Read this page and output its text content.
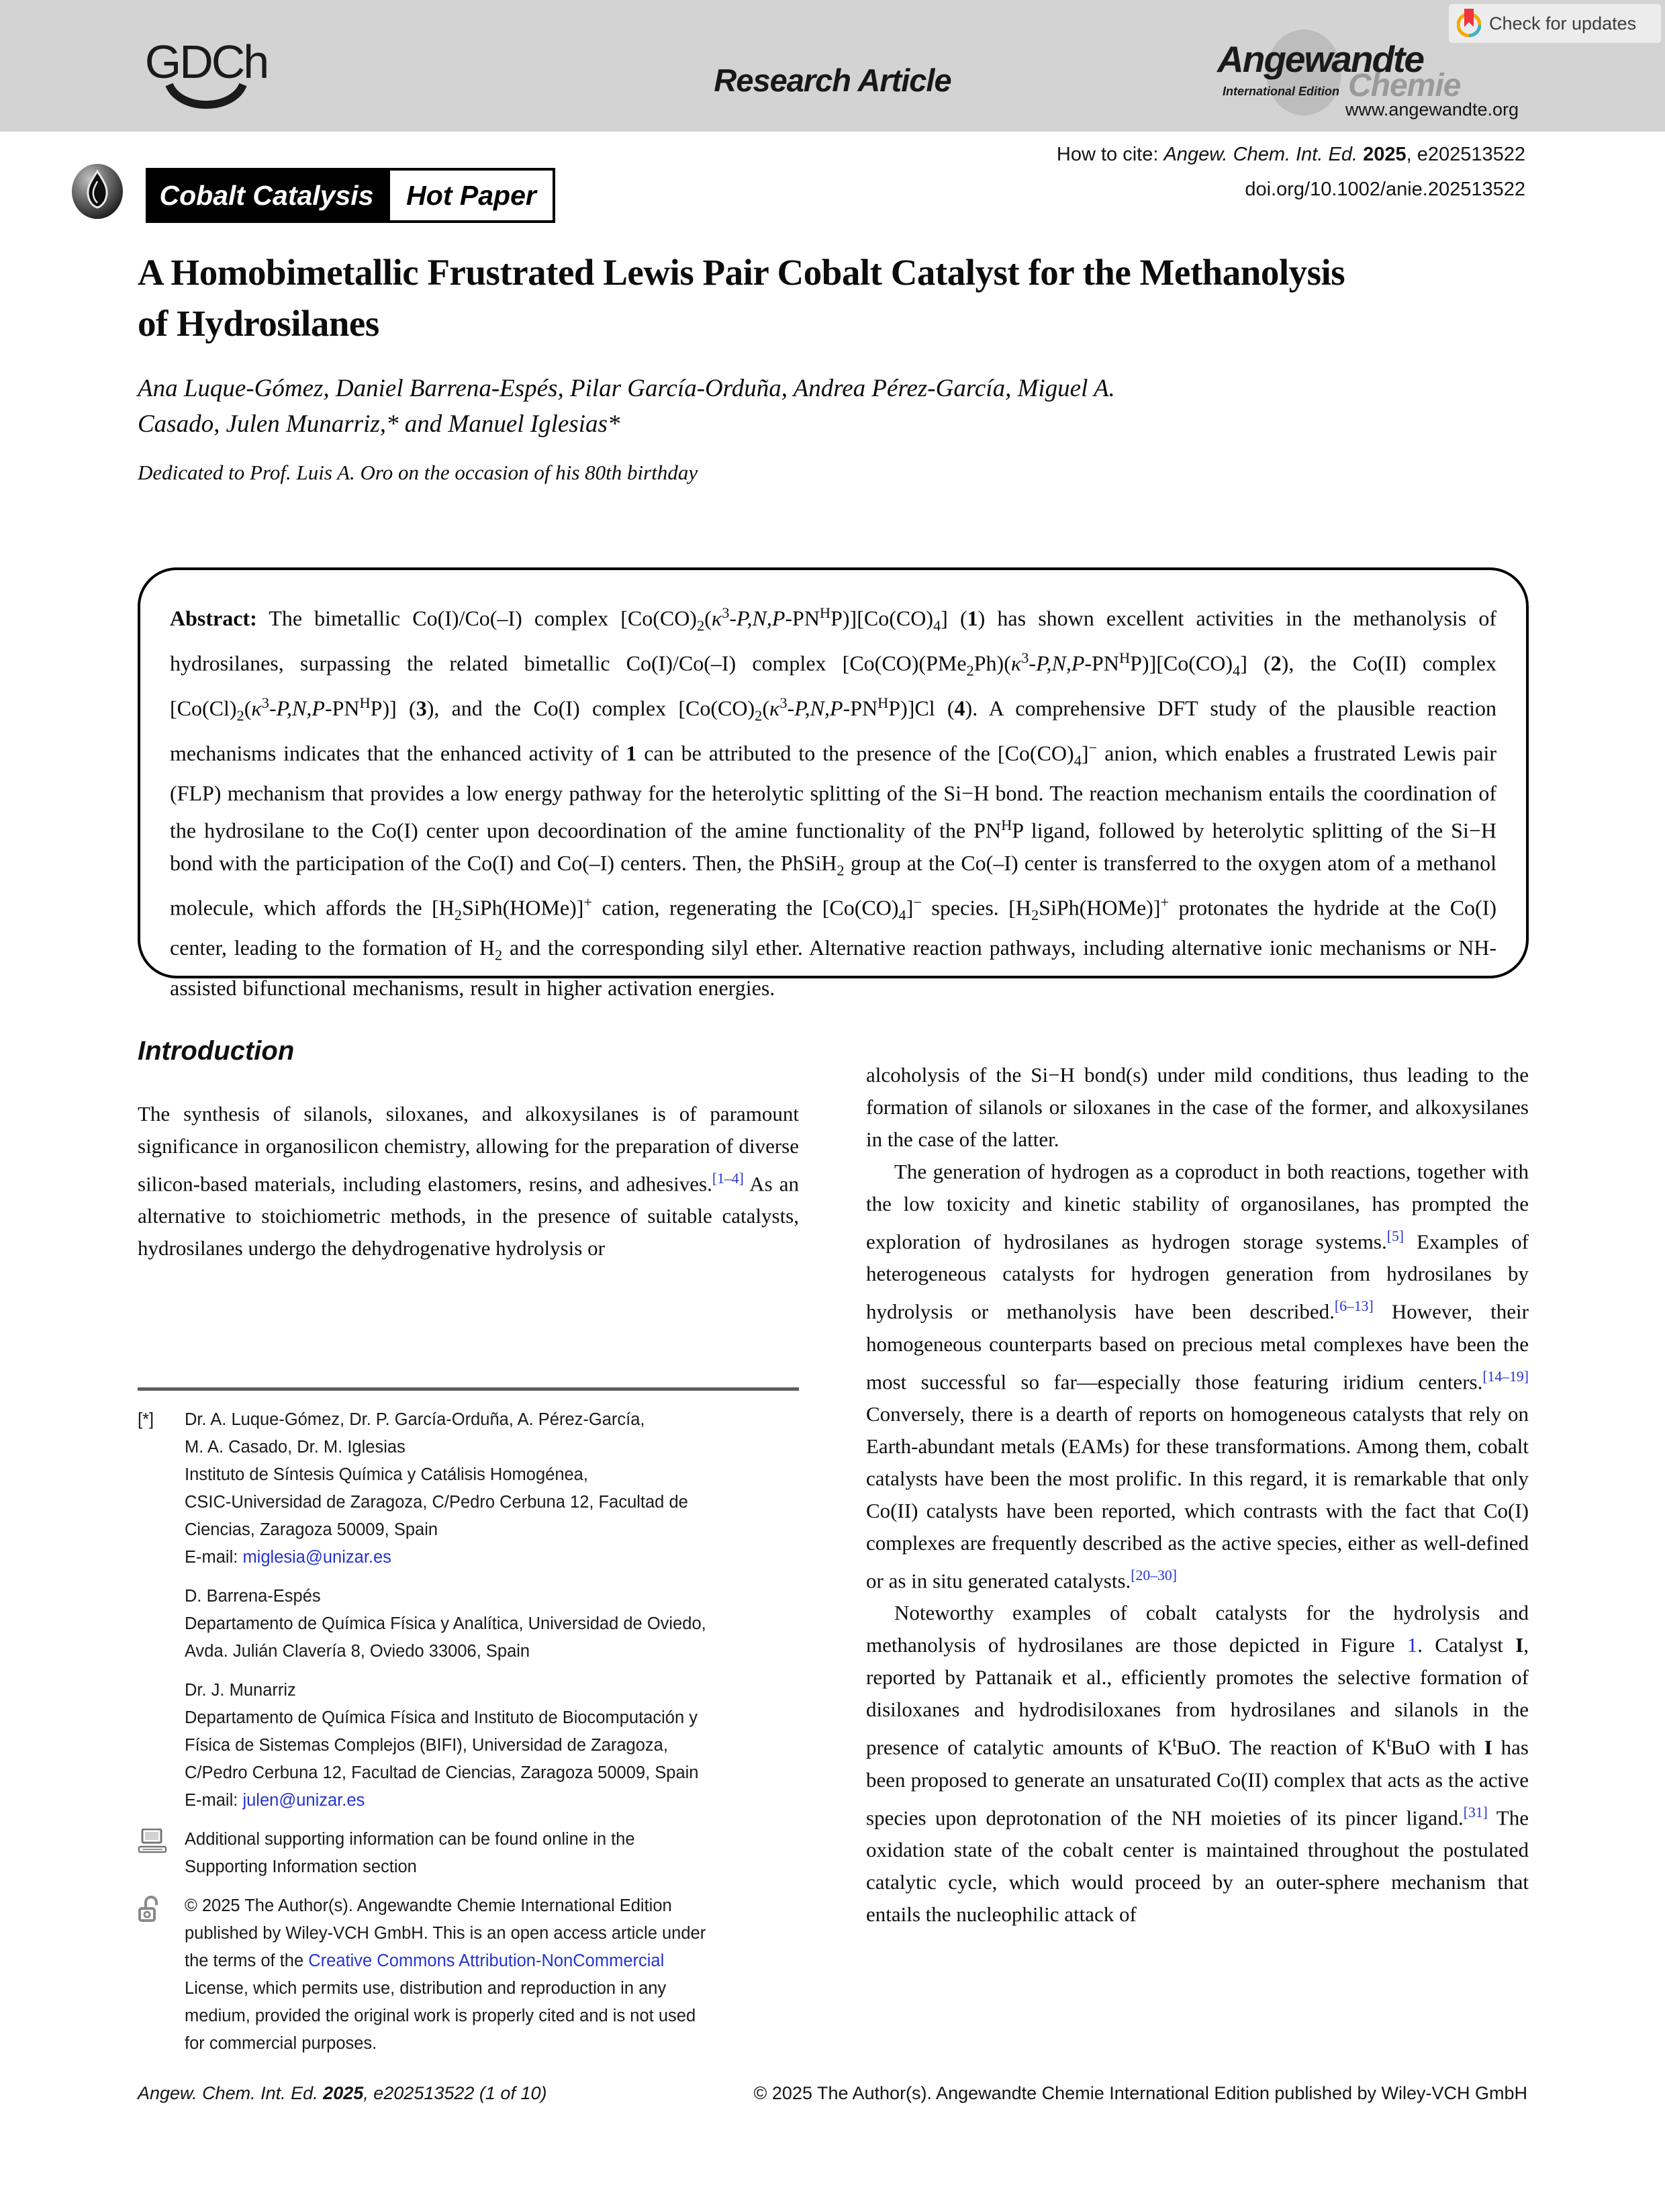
GDCh	Research Article
Angewandte
International Edition Chemie
www.angewandte.org
Check for updates
How to cite: Angew. Chem. Int. Ed. 2025, e202513522
doi.org/10.1002/anie.202513522
Cobalt Catalysis	Hot Paper
A Homobimetallic Frustrated Lewis Pair Cobalt Catalyst for the Methanolysis of Hydrosilanes
Ana Luque-Gómez, Daniel Barrena-Espés, Pilar García-Orduña, Andrea Pérez-García, Miguel A. Casado, Julen Munarriz,* and Manuel Iglesias*
Dedicated to Prof. Luis A. Oro on the occasion of his 80th birthday
Abstract: The bimetallic Co(I)/Co(–I) complex $[Co(CO)_2(\kappa^3-P,N,P-PN^HP)][Co(CO)_4]$ (1) has shown excellent activities in the methanolysis of hydrosilanes, surpassing the related bimetallic Co(I)/Co(–I) complex $[Co(CO)(PMe_2Ph)(\kappa^3-P,N,P-PN^HP)][Co(CO)_4]$ (2), the Co(II) complex $[Co(Cl)_2(\kappa^3-P,N,P-PN^HP)]$ (3), and the Co(I) complex $[Co(CO)_2(\kappa^3-P,N,P-PN^HP)]Cl$ (4). A comprehensive DFT study of the plausible reaction mechanisms indicates that the enhanced activity of 1 can be attributed to the presence of the $[Co(CO)_4]^-$ anion, which enables a frustrated Lewis pair (FLP) mechanism that provides a low energy pathway for the heterolytic splitting of the Si−H bond. The reaction mechanism entails the coordination of the hydrosilane to the Co(I) center upon decoordination of the amine functionality of the $PN^HP$ ligand, followed by heterolytic splitting of the Si−H bond with the participation of the Co(I) and Co(–I) centers. Then, the PhSiH$_2$ group at the Co(–I) center is transferred to the oxygen atom of a methanol molecule, which affords the $[H_2SiPh(HOMe)]^+$ cation, regenerating the $[Co(CO)_4]^-$ species. $[H_2SiPh(HOMe)]^+$ protonates the hydride at the Co(I) center, leading to the formation of $H_2$ and the corresponding silyl ether. Alternative reaction pathways, including alternative ionic mechanisms or NH-assisted bifunctional mechanisms, result in higher activation energies.
Introduction

The synthesis of silanols, siloxanes, and alkoxysilanes is of paramount significance in organosilicon chemistry, allowing for the preparation of diverse silicon-based materials, including elastomers, resins, and adhesives.[1–4] As an alternative to stoichiometric methods, in the presence of suitable catalysts, hydrosilanes undergo the dehydrogenative hydrolysis or

alcoholysis of the Si−H bond(s) under mild conditions, thus leading to the formation of silanols or siloxanes in the case of the former, and alkoxysilanes in the case of the latter.

The generation of hydrogen as a coproduct in both reactions, together with the low toxicity and kinetic stability of organosilanes, has prompted the exploration of hydrosilanes as hydrogen storage systems.[5] Examples of heterogeneous catalysts for hydrogen generation from hydrosilanes by hydrolysis or methanolysis have been described.[6–13] However, their homogeneous counterparts based on precious metal complexes have been the most successful so far—especially those featuring iridium centers.[14–19] Conversely, there is a dearth of reports on homogeneous catalysts that rely on Earth-abundant metals (EAMs) for these transformations. Among them, cobalt catalysts have been the most prolific. In this regard, it is remarkable that only Co(II) catalysts have been reported, which contrasts with the fact that Co(I) complexes are frequently described as the active species, either as well-defined or as in situ generated catalysts.[20–30]

Noteworthy examples of cobalt catalysts for the hydrolysis and methanolysis of hydrosilanes are those depicted in Figure 1. Catalyst I, reported by Pattanaik et al., efficiently promotes the selective formation of disiloxanes and hydrodisiloxanes from hydrosilanes and silanols in the presence of catalytic amounts of $K^tBuO$. The reaction of $K^tBuO$ with I has been proposed to generate an unsaturated Co(II) complex that acts as the active species upon deprotonation of the NH moieties of its pincer ligand.[31] The oxidation state of the cobalt center is maintained throughout the postulated catalytic cycle, which would proceed by an outer-sphere mechanism that entails the nucleophilic attack of

[*]	Dr. A. Luque-Gómez, Dr. P. García-Orduña, A. Pérez-García,
M. A. Casado, Dr. M. Iglesias
Instituto de Síntesis Química y Catálisis Homogénea,
CSIC-Universidad de Zaragoza, C/Pedro Cerbuna 12, Facultad de
Ciencias, Zaragoza 50009, Spain
E-mail: miglesia@unizar.es
D. Barrena-Espés
Departamento de Química Física y Analítica, Universidad de Oviedo,
Avda. Julián Clavería 8, Oviedo 33006, Spain
Dr. J. Munarriz
Departamento de Química Física and Instituto de Biocomputación y
Física de Sistemas Complejos (BIFI), Universidad de Zaragoza,
C/Pedro Cerbuna 12, Facultad de Ciencias, Zaragoza 50009, Spain
E-mail: julen@unizar.es
Additional supporting information can be found online in the
Supporting Information section
© 2025 The Author(s). Angewandte Chemie International Edition
published by Wiley-VCH GmbH. This is an open access article under
the terms of the Creative Commons Attribution-NonCommercial
License, which permits use, distribution and reproduction in any
medium, provided the original work is properly cited and is not used
for commercial purposes.
Angew. Chem. Int. Ed. 2025, e202513522 (1 of 10)	© 2025 The Author(s). Angewandte Chemie International Edition published by Wiley-VCH GmbH
